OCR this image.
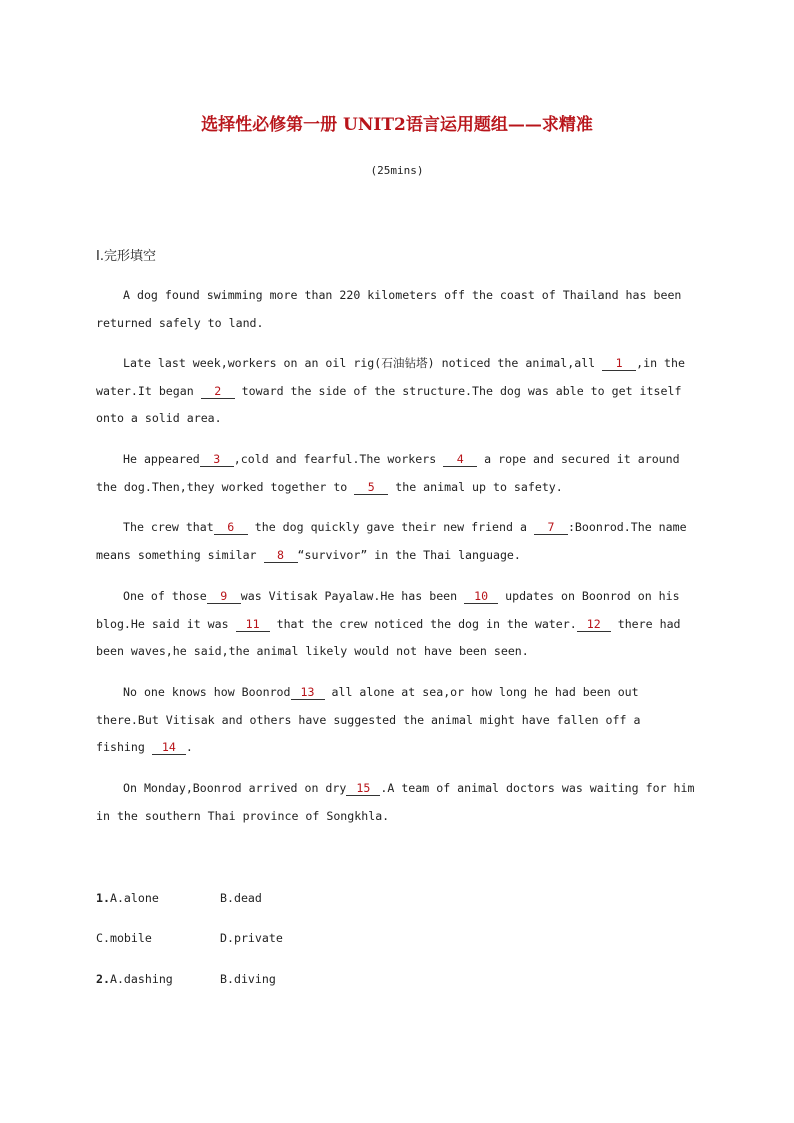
选择性必修第一册 UNIT2语言运用题组——求精准
(25mins)
Ⅰ.完形填空

A dog found swimming more than 220 kilometers off the coast of Thailand has been returned safely to land.

Late last week,workers on an oil rig(石油钻塔) noticed the animal,all 1 ,in the water.It began 2 toward the side of the structure.The dog was able to get itself onto a solid area.

He appeared 3 ,cold and fearful.The workers 4 a rope and secured it around the dog.Then,they worked together to 5 the animal up to safety.

The crew that 6 the dog quickly gave their new friend a 7 :Boonrod.The name means something similar 8 “survivor” in the Thai language.

One of those 9 was Vitisak Payalaw.He has been 10 updates on Boonrod on his blog.He said it was 11 that the crew noticed the dog in the water. 12 there had been waves,he said,the animal likely would not have been seen.

No one knows how Boonrod 13 all alone at sea,or how long he had been out there.But Vitisak and others have suggested the animal might have fallen off a fishing 14 .

On Monday,Boonrod arrived on dry 15 .A team of animal doctors was waiting for him in the southern Thai province of Songkhla.

1.A.alone	B.dead
C.mobile	D.private
2.A.dashing	B.diving
